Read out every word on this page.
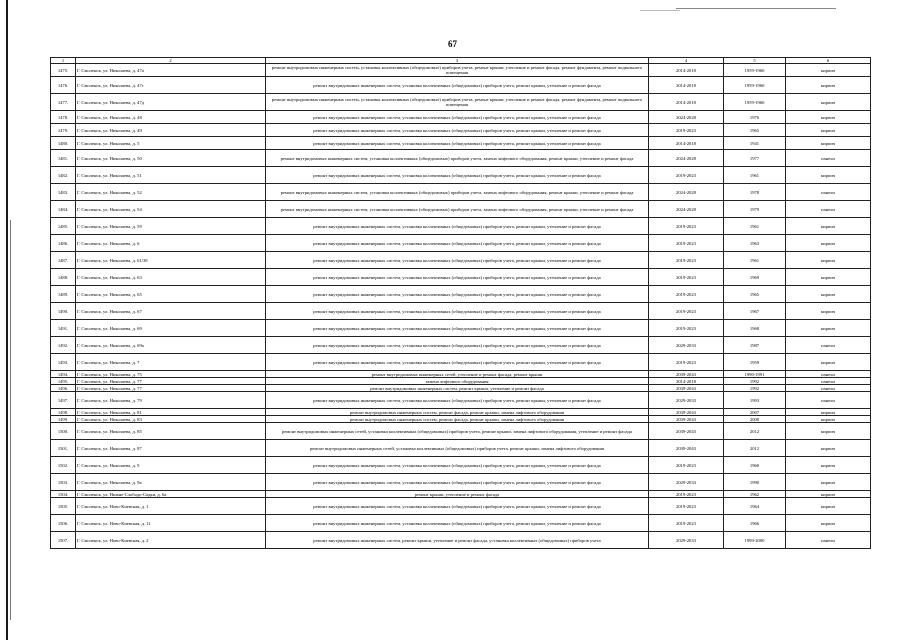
67
1	2	3	4	5	6
1475.	Г. Смоленск, ул. Николаева, д. 47а	ремонт внутридомовых инженерных систем, установка коллективных (общедомовых) приборов учета, ремонт крыши, утепление и ремонт фасада, ремонт фундамента, ремонт подвального помещения	2014-2018	1959-1960	кирпич
1476.	Г. Смоленск, ул. Николаева, д. 47г	ремонт внутридомовых инженерных систем, установка коллективных (общедомовых) приборов учета, ремонт крыши, утепление и ремонт фасада	2014-2018	1959-1960	кирпич
1477.	Г. Смоленск, ул. Николаева, д. 47д	ремонт внутридомовых инженерных систем, установка коллективных (общедомовых) приборов учета, ремонт крыши, утепление и ремонт фасада, ремонт фундамента, ремонт подвального помещения	2014-2018	1959-1960	кирпич
1478.	Г. Смоленск, ул. Николаева, д. 48	ремонт внутридомовых инженерных систем, установка коллективных (общедомовых) приборов учета, ремонт крыши, утепление и ремонт фасада	2024-2028	1976	кирпич
1479.	Г. Смоленск, ул. Николаева, д. 49	ремонт внутридомовых инженерных систем, установка коллективных (общедомовых) приборов учета, ремонт крыши, утепление и ремонт фасада	2019-2023	1965	кирпич
1480.	Г. Смоленск, ул. Николаева, д. 5	ремонт внутридомовых инженерных систем, установка коллективных (общедомовых) приборов учета, ремонт крыши, утепление и ремонт фасада	2014-2018	1941	кирпич
1481.	Г. Смоленск, ул. Николаева, д. 50	ремонт внутридомовых инженерных систем, установка коллективных (общедомовых) приборов учета, замена лифтового оборудования, ремонт крыши, утепление и ремонт фасада	2024-2028	1977	панели
1482.	Г. Смоленск, ул. Николаева, д. 51	ремонт внутридомовых инженерных систем, установка коллективных (общедомовых) приборов учета, ремонт крыши, утепление и ремонт фасада	2019-2023	1961	кирпич
1483.	Г. Смоленск, ул. Николаева, д. 52	ремонт внутридомовых инженерных систем, установка коллективных (общедомовых) приборов учета, замена лифтового оборудования, ремонт крыши, утепление и ремонт фасада	2024-2028	1978	панели
1484.	Г. Смоленск, ул. Николаева, д. 54	ремонт внутридомовых инженерных систем, установка коллективных (общедомовых) приборов учета, замена лифтового оборудования, ремонт крыши, утепление и ремонт фасада	2024-2028	1979	панели
1485.	Г. Смоленск, ул. Николаева, д. 59	ремонт внутридомовых инженерных систем, установка коллективных (общедомовых) приборов учета, ремонт крыши, утепление и ремонт фасада	2019-2023	1961	кирпич
1486.	Г. Смоленск, ул. Николаева, д. 6	ремонт внутридомовых инженерных систем, установка коллективных (общедомовых) приборов учета, ремонт крыши, утепление и ремонт фасада	2019-2023	1963	кирпич
1487.	Г. Смоленск, ул. Николаева, д. 61/38	ремонт внутридомовых инженерных систем, установка коллективных (общедомовых) приборов учета, ремонт крыши, утепление и ремонт фасада	2019-2023	1961	кирпич
1488.	Г. Смоленск, ул. Николаева, д. 63	ремонт внутридомовых инженерных систем, установка коллективных (общедомовых) приборов учета, ремонт крыши, утепление и ремонт фасада	2019-2023	1969	кирпич
1489.	Г. Смоленск, ул. Николаева, д. 65	ремонт внутридомовых инженерных систем, установка коллективных (общедомовых) приборов учета, ремонт крыши, утепление и ремонт фасада	2019-2023	1965	кирпич
1490.	Г. Смоленск, ул. Николаева, д. 67	ремонт внутридомовых инженерных систем, установка коллективных (общедомовых) приборов учета, ремонт крыши, утепление и ремонт фасада	2019-2023	1967	кирпич
1491.	Г. Смоленск, ул. Николаева, д. 69	ремонт внутридомовых инженерных систем, установка коллективных (общедомовых) приборов учета, ремонт крыши, утепление и ремонт фасада	2019-2023	1968	кирпич
1492.	Г. Смоленск, ул. Николаева, д. 69а	ремонт внутридомовых инженерных систем, установка коллективных (общедомовых) приборов учета, ремонт крыши, утепление и ремонт фасада	2029-2033	1987	панели
1493.	Г. Смоленск, ул. Николаева, д. 7	ремонт внутридомовых инженерных систем, установка коллективных (общедомовых) приборов учета, ремонт крыши, утепление и ремонт фасада	2019-2023	1959	кирпич
1494.	Г. Смоленск, ул. Николаева, д. 75	ремонт внутридомовых инженерных сетей, утепление и ремонт фасада, ремонт крыши	2039-2043	1990-1991	панели
1495.	Г. Смоленск, ул. Николаева, д. 77	замена лифтового оборудования	2014-2018	1992	панели
1496.	Г. Смоленск, ул. Николаева, д. 77	ремонт внутридомовых инженерных систем, ремонт крыши, утепление и ремонт фасада	2039-2043	1992	панели
1497.	Г. Смоленск, ул. Николаева, д. 79	ремонт внутридомовых инженерных систем, установка коллективных (общедомовых) приборов учета, ремонт крыши, утепление и ремонт фасада	2029-2033	1993	панели
1498.	Г. Смоленск, ул. Николаева, д. 81	ремонт внутридомовых инженерных систем, ремонт фасада, ремонт крыши, замена лифтового оборудования	2039-2043	2007	кирпич
1499.	Г. Смоленск, ул. Николаева, д. 83	ремонт внутридомовых инженерных систем, ремонт фасада, ремонт крыши, замена лифтового оборудования	2039-2043	2008	кирпич
1500.	Г. Смоленск, ул. Николаева, д. 85	ремонт внутридомовых инженерных сетей, установка коллективных (общедомовых) приборов учета, ремонт крыши, замена лифтового оборудования, утепление и ремонт фасада	2039-2043	2012	кирпич
1501.	Г. Смоленск, ул. Николаева, д. 87	ремонт внутридомовых инженерных сетей, установка коллективных (общедомовых) приборов учета, ремонт крыши, замена лифтового оборудования	2039-2043	2012	кирпич
1502.	Г. Смоленск, ул. Николаева, д. 9	ремонт внутридомовых инженерных систем, установка коллективных (общедомовых) приборов учета, ремонт крыши, утепление и ремонт фасада	2019-2023	1960	кирпич
1503.	Г. Смоленск, ул. Николаева, д. 9а	ремонт внутридомовых инженерных систем, установка коллективных (общедомовых) приборов учета, ремонт крыши, утепление и ремонт фасада	2029-2033	1990	кирпич
1504.	Г. Смоленск, ул. Нижне-Слободо-Садки, д. 6а	ремонт крыши, утепление и ремонт фасада	2019-2023	1962	кирпич
1505.	Г. Смоленск, ул. Ново-Киевская, д. 1	ремонт внутридомовых инженерных систем, установка коллективных (общедомовых) приборов учета, ремонт крыши, утепление и ремонт фасада	2019-2023	1964	кирпич
1506.	Г. Смоленск, ул. Ново-Киевская, д. 11	ремонт внутридомовых инженерных систем, установка коллективных (общедомовых) приборов учета, ремонт крыши, утепление и ремонт фасада	2019-2023	1966	кирпич
1507.	Г. Смоленск, ул. Ново-Киевская, д. 2	ремонт внутридомовых инженерных систем, ремонт крыши, утепление и ремонт фасада, установка коллективных (общедомовых) приборов учета	2029-2033	1999-2000	панели
